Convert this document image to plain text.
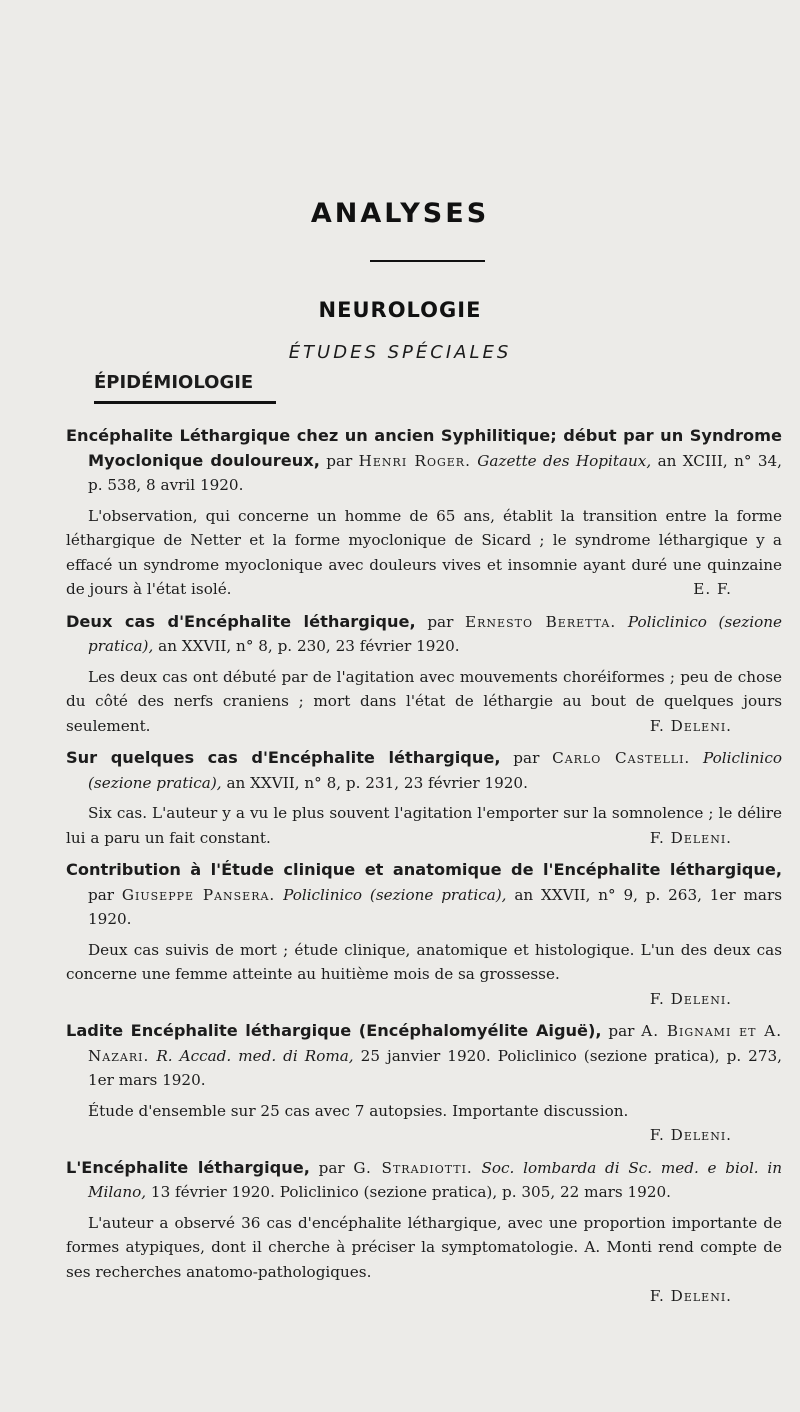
ANALYSES
NEUROLOGIE
ÉTUDES SPÉCIALES
ÉPIDÉMIOLOGIE

Encéphalite Léthargique chez un ancien Syphilitique; début par un Syndrome Myoclonique douloureux, par Henri Roger. Gazette des Hopitaux, an XCIII, n° 34, p. 538, 8 avril 1920.

L'observation, qui concerne un homme de 65 ans, établit la transition entre la forme léthargique de Netter et la forme myoclonique de Sicard ; le syndrome léthargique y a effacé un syndrome myoclonique avec douleurs vives et insomnie ayant duré une quinzaine de jours à l'état isolé.	E. F.

Deux cas d'Encéphalite léthargique, par Ernesto Beretta. Policlinico (sezione pratica), an XXVII, n° 8, p. 230, 23 février 1920.

Les deux cas ont débuté par de l'agitation avec mouvements choréiformes ; peu de chose du côté des nerfs craniens ; mort dans l'état de léthargie au bout de quelques jours seulement.	F. Deleni.

Sur quelques cas d'Encéphalite léthargique, par Carlo Castelli. Policlinico (sezione pratica), an XXVII, n° 8, p. 231, 23 février 1920.

Six cas. L'auteur y a vu le plus souvent l'agitation l'emporter sur la somnolence ; le délire lui a paru un fait constant.	F. Deleni.

Contribution à l'Étude clinique et anatomique de l'Encéphalite léthargique, par Giuseppe Pansera. Policlinico (sezione pratica), an XXVII, n° 9, p. 263, 1er mars 1920.

Deux cas suivis de mort ; étude clinique, anatomique et histologique. L'un des deux cas concerne une femme atteinte au huitième mois de sa grossesse.

F. Deleni.

Ladite Encéphalite léthargique (Encéphalomyélite Aiguë), par A. Bignami et A. Nazari. R. Accad. med. di Roma, 25 janvier 1920. Policlinico (sezione pratica), p. 273, 1er mars 1920.

Étude d'ensemble sur 25 cas avec 7 autopsies. Importante discussion.

F. Deleni.

L'Encéphalite léthargique, par G. Stradiotti. Soc. lombarda di Sc. med. e biol. in Milano, 13 février 1920. Policlinico (sezione pratica), p. 305, 22 mars 1920.

L'auteur a observé 36 cas d'encéphalite léthargique, avec une proportion importante de formes atypiques, dont il cherche à préciser la symptomatologie. A. Monti rend compte de ses recherches anatomo-pathologiques.

F. Deleni.
